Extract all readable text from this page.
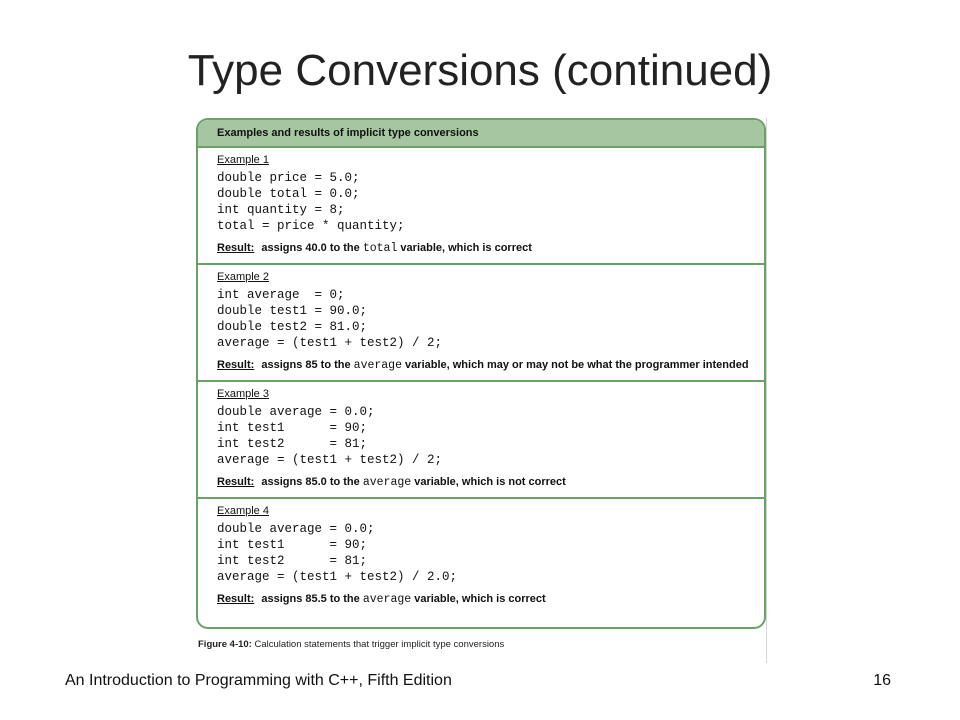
Type Conversions (continued)
Examples and results of implicit type conversions
Example 1
double price = 5.0;
double total = 0.0;
int quantity = 8;
total = price * quantity;
Result: assigns 40.0 to the total variable, which is correct
Example 2
int average  = 0;
double test1 = 90.0;
double test2 = 81.0;
average = (test1 + test2) / 2;
Result: assigns 85 to the average variable, which may or may not be what the programmer intended
Example 3
double average = 0.0;
int test1      = 90;
int test2      = 81;
average = (test1 + test2) / 2;
Result: assigns 85.0 to the average variable, which is not correct
Example 4
double average = 0.0;
int test1      = 90;
int test2      = 81;
average = (test1 + test2) / 2.0;
Result: assigns 85.5 to the average variable, which is correct
Figure 4-10: Calculation statements that trigger implicit type conversions
An Introduction to Programming with C++, Fifth Edition	16
